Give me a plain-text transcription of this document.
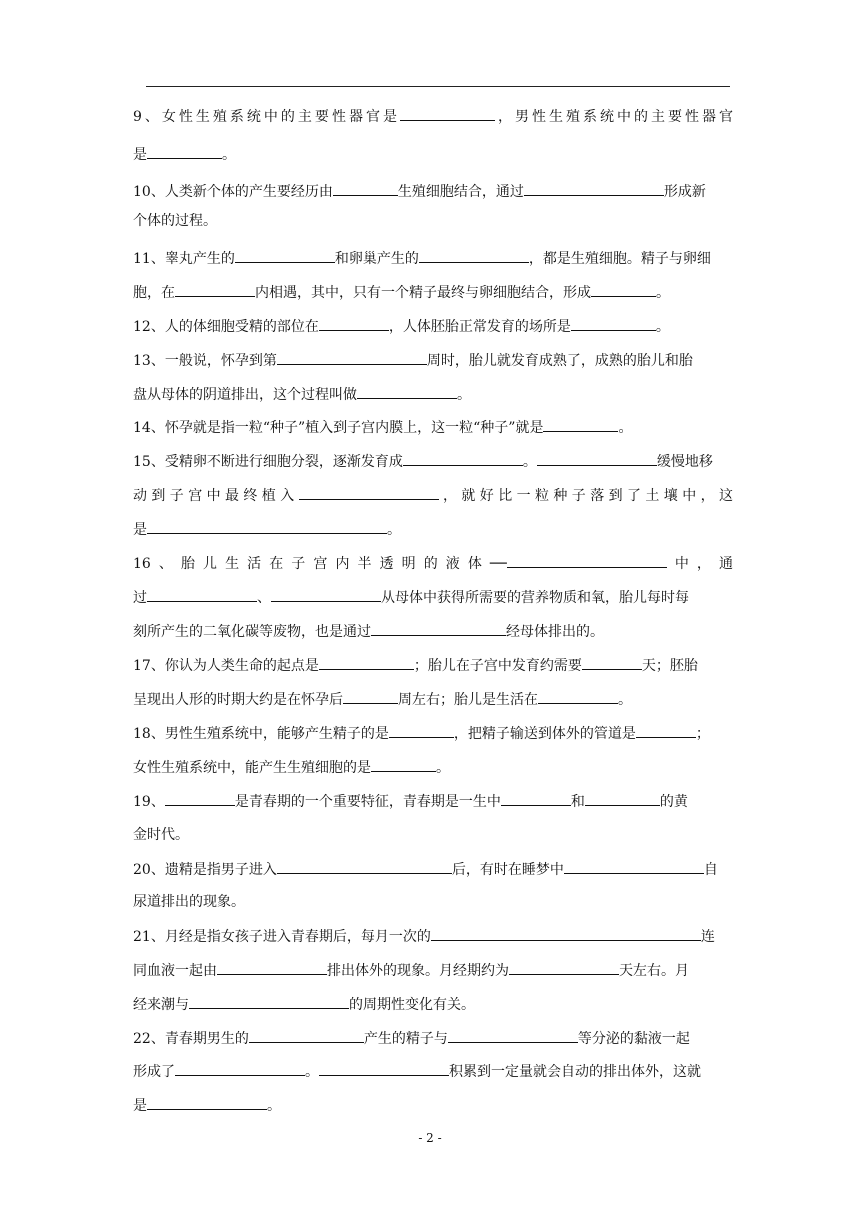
9、女性生殖系统中的主要性器官是	，男性生殖系统中的主要性器官
是	。
10、人类新个体的产生要经历由	生殖细胞结合，通过	形成新
个体的过程。
11、睾丸产生的	和卵巢产生的	，都是生殖细胞。精子与卵细
胞，在	内相遇，其中，只有一个精子最终与卵细胞结合，形成	。
12、人的体细胞受精的部位在	，人体胚胎正常发育的场所是	。
13、一般说，怀孕到第	周时，胎儿就发育成熟了，成熟的胎儿和胎
盘从母体的阴道排出，这个过程叫做	。
14、怀孕就是指一粒“种子”植入到子宫内膜上，这一粒“种子”就是	。
15、受精卵不断进行细胞分裂，逐渐发育成	。	缓慢地移
动到子宫中最终植入	，就好比一粒种子落到了土壤中，这
是	。
16、胎儿生活在子宫内半透明的液体──	中，通
过	、	从母体中获得所需要的营养物质和氧，胎儿每时每
刻所产生的二氧化碳等废物，也是通过	经母体排出的。
17、你认为人类生命的起点是	；胎儿在子宫中发育约需要	天；胚胎
呈现出人形的时期大约是在怀孕后	周左右；胎儿是生活在	。
18、男性生殖系统中，能够产生精子的是	，把精子输送到体外的管道是	；
女性生殖系统中，能产生生殖细胞的是	。
19、	是青春期的一个重要特征，青春期是一生中	和	的黄
金时代。
20、遗精是指男子进入	后，有时在睡梦中	自
尿道排出的现象。
21、月经是指女孩子进入青春期后，每月一次的	连
同血液一起由	排出体外的现象。月经期约为	天左右。月
经来潮与	的周期性变化有关。
22、青春期男生的	产生的精子与	等分泌的黏液一起
形成了	。	积累到一定量就会自动的排出体外，这就
是	。
- 2 -
